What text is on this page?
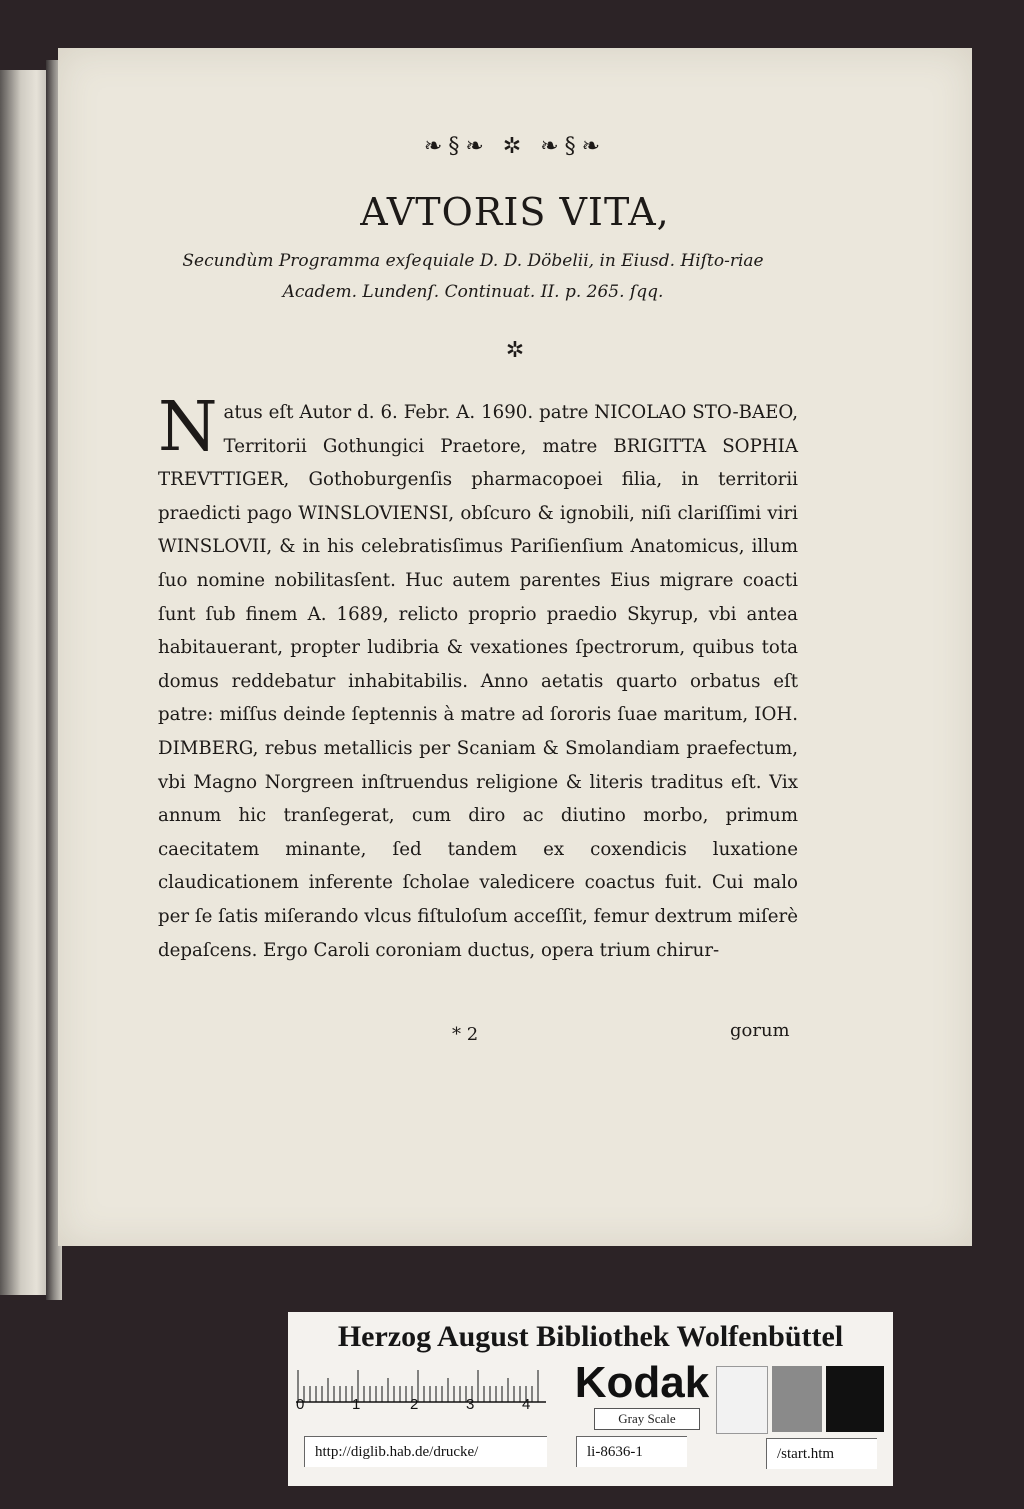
❧§❧ ✲ ❧§❧
AVTORIS VITA,
Secundùm Programma exſequiale D. D. Döbelii, in Eiusd. Hiſto-riae Academ. Lundenſ. Continuat. II. p. 265. ſqq.
✲

Natus eſt Autor d. 6. Febr. A. 1690. patre NICOLAO STO-BAEO, Territorii Gothungici Praetore, matre BRIGITTA SOPHIA TREVTTIGER, Gothoburgenſis pharmacopoei filia, in territorii praedicti pago WINSLOVIENSI, obſcuro & ignobili, niſi clariſſimi viri WINSLOVII, & in his celebratisſimus Pariſienſium Anatomicus, illum ſuo nomine nobilitasſent. Huc autem parentes Eius migrare coacti ſunt ſub finem A. 1689, relicto proprio praedio Skyrup, vbi antea habitauerant, propter ludibria & vexationes ſpectrorum, quibus tota domus reddebatur inhabitabilis. Anno aetatis quarto orbatus eſt patre: miſſus deinde ſeptennis à matre ad ſororis ſuae maritum, IOH. DIMBERG, rebus metallicis per Scaniam & Smolandiam praefectum, vbi Magno Norgreen inſtruendus religione & literis traditus eſt. Vix annum hic tranſegerat, cum diro ac diutino morbo, primum caecitatem minante, ſed tandem ex coxendicis luxatione claudicationem inferente ſcholae valedicere coactus fuit. Cui malo per ſe ſatis miſerando vlcus fiſtuloſum acceſſit, femur dextrum miſerè depaſcens. Ergo Caroli coroniam ductus, opera trium chirur-

* 2	gorum
Herzog August Bibliothek Wolfenbüttel
0	1	2	3	4 Kodak
Gray Scale
http://diglib.hab.de/drucke/	li-8636-1	/start.htm
